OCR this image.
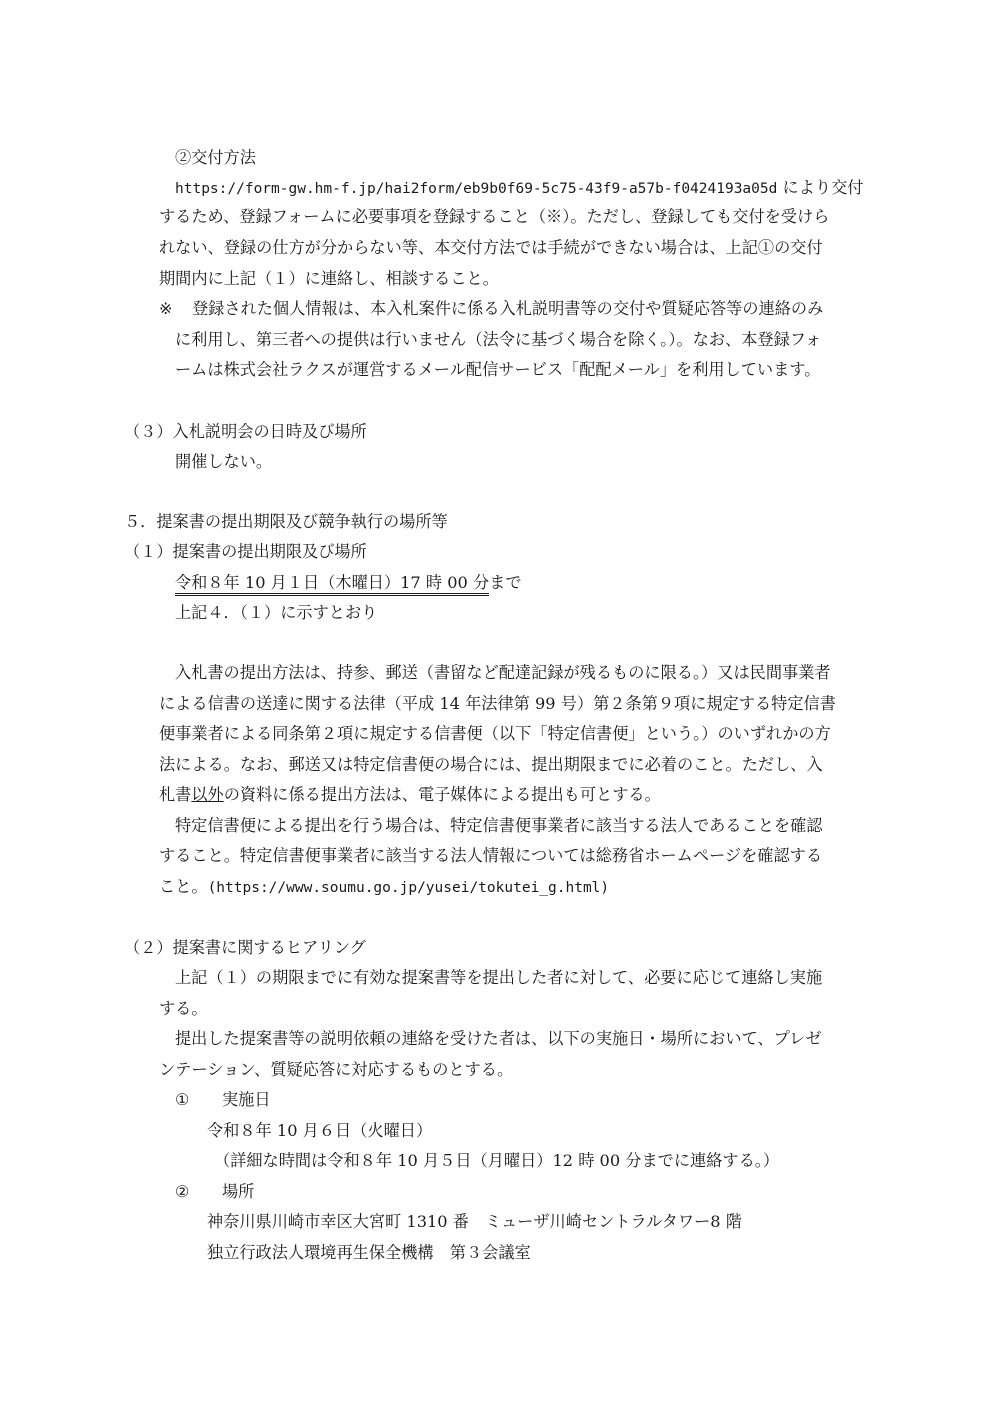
②交付方法
https://form-gw.hm-f.jp/hai2form/eb9b0f69-5c75-43f9-a57b-f0424193a05d により交付
するため、登録フォームに必要事項を登録すること（※）。ただし、登録しても交付を受けら
れない、登録の仕方が分からない等、本交付方法では手続ができない場合は、上記①の交付
期間内に上記（１）に連絡し、相談すること。
※ 登録された個人情報は、本入札案件に係る入札説明書等の交付や質疑応答等の連絡のみ
に利用し、第三者への提供は行いません（法令に基づく場合を除く。）。なお、本登録フォ
ームは株式会社ラクスが運営するメール配信サービス「配配メール」を利用しています。
（３）入札説明会の日時及び場所
開催しない。
５．提案書の提出期限及び競争執行の場所等
（１）提案書の提出期限及び場所
令和８年 10 月１日（木曜日）17 時 00 分まで
上記４．（１）に示すとおり
入札書の提出方法は、持参、郵送（書留など配達記録が残るものに限る。）又は民間事業者
による信書の送達に関する法律（平成 14 年法律第 99 号）第２条第９項に規定する特定信書
便事業者による同条第２項に規定する信書便（以下「特定信書便」という。）のいずれかの方
法による。なお、郵送又は特定信書便の場合には、提出期限までに必着のこと。ただし、入
札書以外の資料に係る提出方法は、電子媒体による提出も可とする。
特定信書便による提出を行う場合は、特定信書便事業者に該当する法人であることを確認
すること。特定信書便事業者に該当する法人情報については総務省ホームページを確認する
こと。(https://www.soumu.go.jp/yusei/tokutei_g.html)
（２）提案書に関するヒアリング
上記（１）の期限までに有効な提案書等を提出した者に対して、必要に応じて連絡し実施
する。
提出した提案書等の説明依頼の連絡を受けた者は、以下の実施日・場所において、プレゼ
ンテーション、質疑応答に対応するものとする。
① 実施日
令和８年 10 月６日（火曜日）
（詳細な時間は令和８年 10 月５日（月曜日）12 時 00 分までに連絡する。）
② 場所
神奈川県川崎市幸区大宮町 1310 番　ミューザ川崎セントラルタワー8 階
独立行政法人環境再生保全機構　第３会議室
